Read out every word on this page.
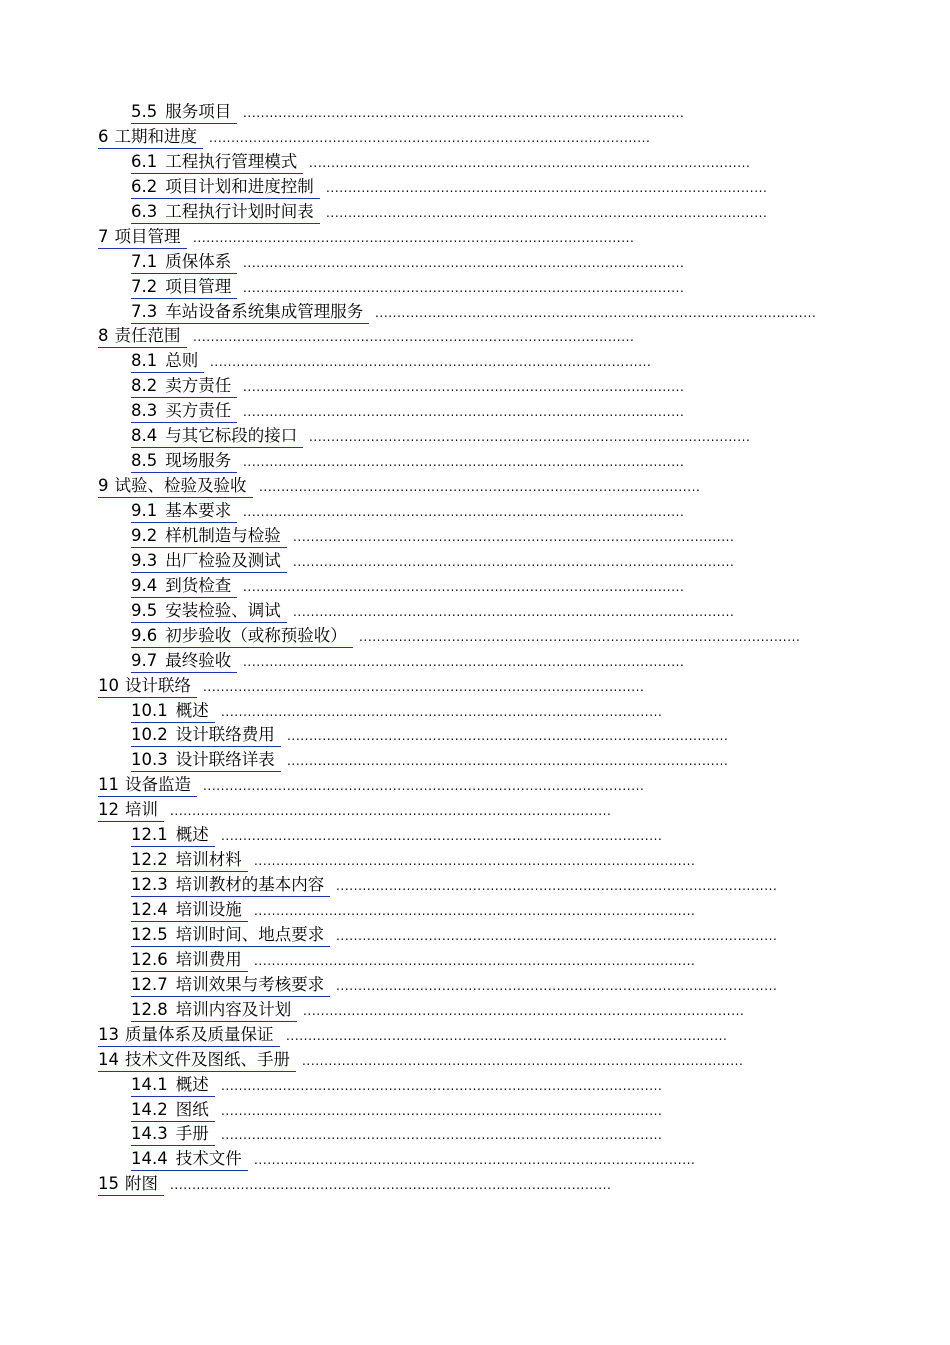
5.5 服务项目 ....................................................................................................
6 工期和进度	....................................................................................................
6.1 工程执行管理模式 ....................................................................................................
6.2 项目计划和进度控制	....................................................................................................
6.3 工程执行计划时间表	....................................................................................................
7 项目管理	....................................................................................................
7.1 质保体系 ....................................................................................................
7.2 项目管理 ....................................................................................................
7.3 车站设备系统集成管理服务 ....................................................................................................
8 责任范围	....................................................................................................
8.1 总则 ....................................................................................................
8.2 卖方责任 ....................................................................................................
8.3 买方责任 ....................................................................................................
8.4 与其它标段的接口 ....................................................................................................
8.5 现场服务 ....................................................................................................
9 试验、检验及验收	....................................................................................................
9.1 基本要求 ....................................................................................................
9.2 样机制造与检验	....................................................................................................
9.3 出厂检验及测试	....................................................................................................
9.4 到货检查 ....................................................................................................
9.5 安装检验、调试	....................................................................................................
9.6 初步验收（或称预验收）	....................................................................................................
9.7 最终验收 ....................................................................................................
10 设计联络	....................................................................................................
10.1 概述	....................................................................................................
10.2 设计联络费用	....................................................................................................
10.3 设计联络详表	....................................................................................................
11 设备监造	....................................................................................................
12 培训	....................................................................................................
12.1 概述	....................................................................................................
12.2 培训材料	....................................................................................................
12.3 培训教材的基本内容 ....................................................................................................
12.4 培训设施	....................................................................................................
12.5 培训时间、地点要求 ....................................................................................................
12.6 培训费用	....................................................................................................
12.7 培训效果与考核要求 ....................................................................................................
12.8 培训内容及计划 ....................................................................................................
13 质量体系及质量保证	....................................................................................................
14 技术文件及图纸、手册	....................................................................................................
14.1 概述	....................................................................................................
14.2 图纸	....................................................................................................
14.3 手册	....................................................................................................
14.4 技术文件	....................................................................................................
15 附图	....................................................................................................
